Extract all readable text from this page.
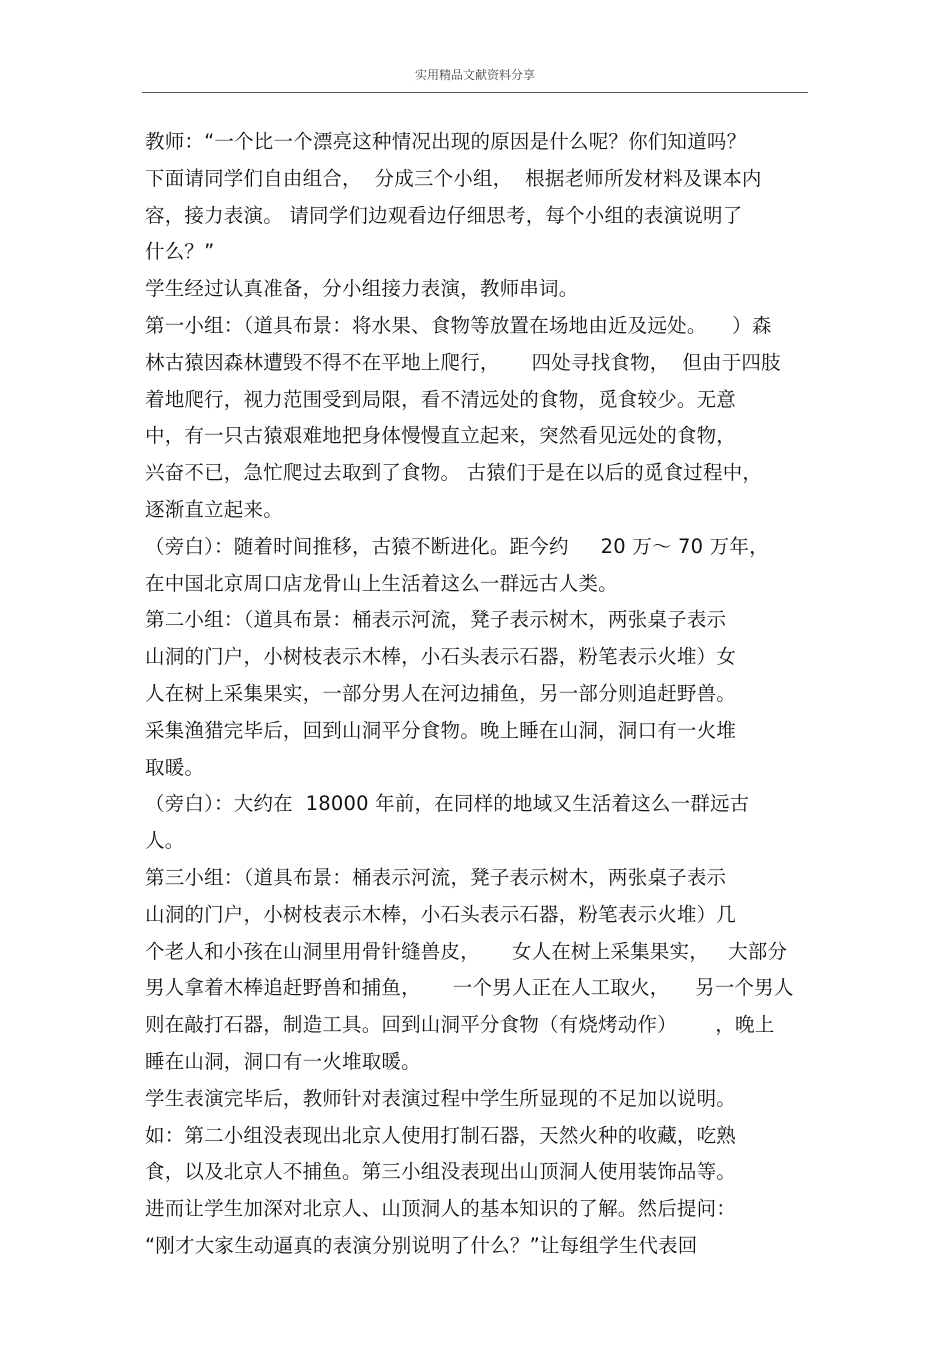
实用精品文献资料分享
教师：“一个比一个漂亮这种情况出现的原因是什么呢？你们知道吗？
下面请同学们自由组合，  分成三个小组，  根据老师所发材料及课本内
容，接力表演。 请同学们边观看边仔细思考，每个小组的表演说明了
什么？”
学生经过认真准备，分小组接力表演，教师串词。
第一小组：（道具布景：将水果、食物等放置在场地由近及远处。    ）森
林古猿因森林遭毁不得不在平地上爬行，     四处寻找食物，  但由于四肢
着地爬行，视力范围受到局限，看不清远处的食物，觅食较少。无意
中，有一只古猿艰难地把身体慢慢直立起来，突然看见远处的食物，
兴奋不已，急忙爬过去取到了食物。 古猿们于是在以后的觅食过程中，
逐渐直立起来。
（旁白）：随着时间推移，古猿不断进化。距今约     20 万～ 70 万年，
在中国北京周口店龙骨山上生活着这么一群远古人类。
第二小组：（道具布景：桶表示河流，凳子表示树木，两张桌子表示
山洞的门户，小树枝表示木棒，小石头表示石器，粉笔表示火堆）女
人在树上采集果实，一部分男人在河边捕鱼，另一部分则追赶野兽。
采集渔猎完毕后，回到山洞平分食物。晚上睡在山洞，洞口有一火堆
取暖。
（旁白）：大约在  18000 年前，在同样的地域又生活着这么一群远古
人。
第三小组：（道具布景：桶表示河流，凳子表示树木，两张桌子表示
山洞的门户，小树枝表示木棒，小石头表示石器，粉笔表示火堆）几
个老人和小孩在山洞里用骨针缝兽皮，     女人在树上采集果实，   大部分
男人拿着木棒追赶野兽和捕鱼，     一个男人正在人工取火，    另一个男人
则在敲打石器，制造工具。回到山洞平分食物（有烧烤动作）      ，晚上
睡在山洞，洞口有一火堆取暖。
学生表演完毕后，教师针对表演过程中学生所显现的不足加以说明。
如：第二小组没表现出北京人使用打制石器，天然火种的收藏，吃熟
食，以及北京人不捕鱼。第三小组没表现出山顶洞人使用装饰品等。
进而让学生加深对北京人、山顶洞人的基本知识的了解。然后提问：
“刚才大家生动逼真的表演分别说明了什么？”让每组学生代表回
